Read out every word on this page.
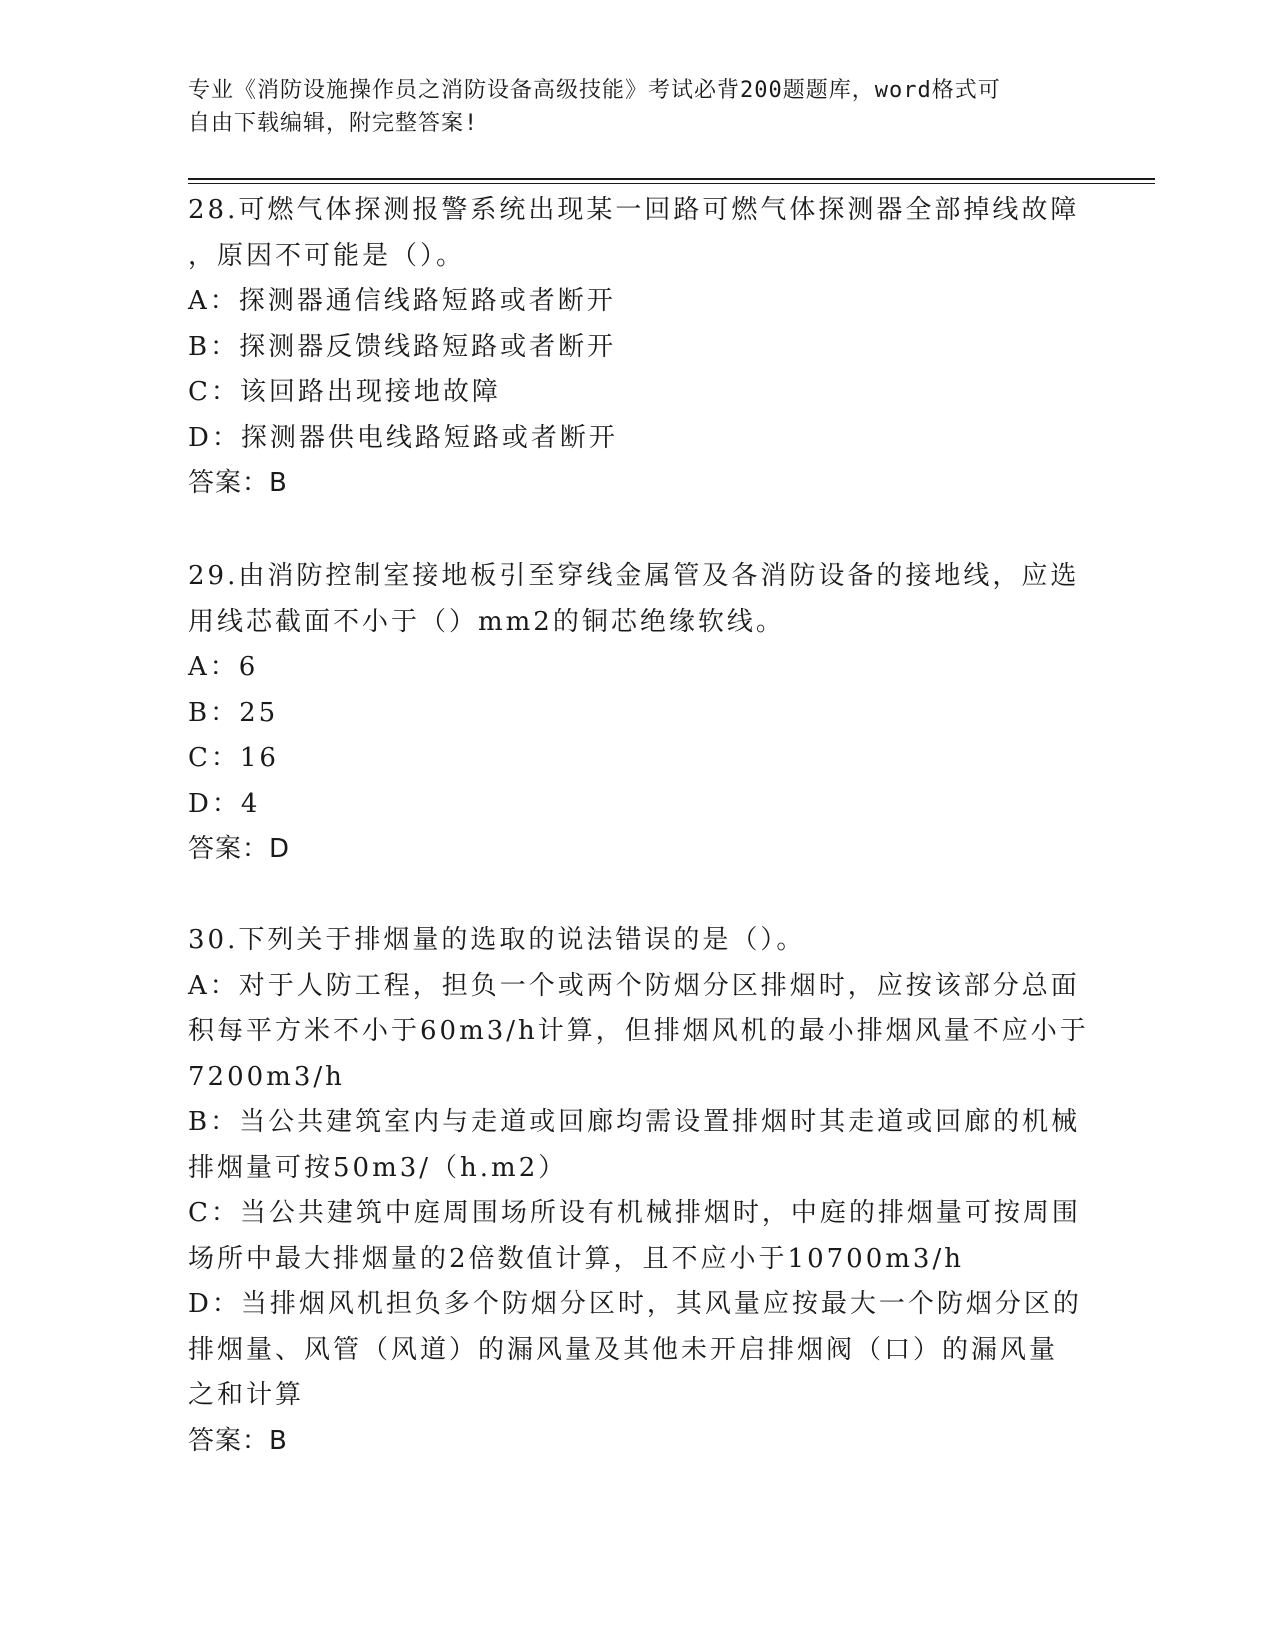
专业《消防设施操作员之消防设备高级技能》考试必背200题题库，word格式可
自由下载编辑，附完整答案!
28.可燃气体探测报警系统出现某一回路可燃气体探测器全部掉线故障
，原因不可能是（）。
A：探测器通信线路短路或者断开
B：探测器反馈线路短路或者断开
C：该回路出现接地故障
D：探测器供电线路短路或者断开
答案：B
29.由消防控制室接地板引至穿线金属管及各消防设备的接地线，应选
用线芯截面不小于（）mm2的铜芯绝缘软线。
A：6
B：25
C：16
D：4
答案：D
30.下列关于排烟量的选取的说法错误的是（）。
A：对于人防工程，担负一个或两个防烟分区排烟时，应按该部分总面
积每平方米不小于60m3/h计算，但排烟风机的最小排烟风量不应小于
7200m3/h
B：当公共建筑室内与走道或回廊均需设置排烟时其走道或回廊的机械
排烟量可按50m3/（h.m2）
C：当公共建筑中庭周围场所设有机械排烟时，中庭的排烟量可按周围
场所中最大排烟量的2倍数值计算，且不应小于10700m3/h
D：当排烟风机担负多个防烟分区时，其风量应按最大一个防烟分区的
排烟量、风管（风道）的漏风量及其他未开启排烟阀（口）的漏风量
之和计算
答案：B
